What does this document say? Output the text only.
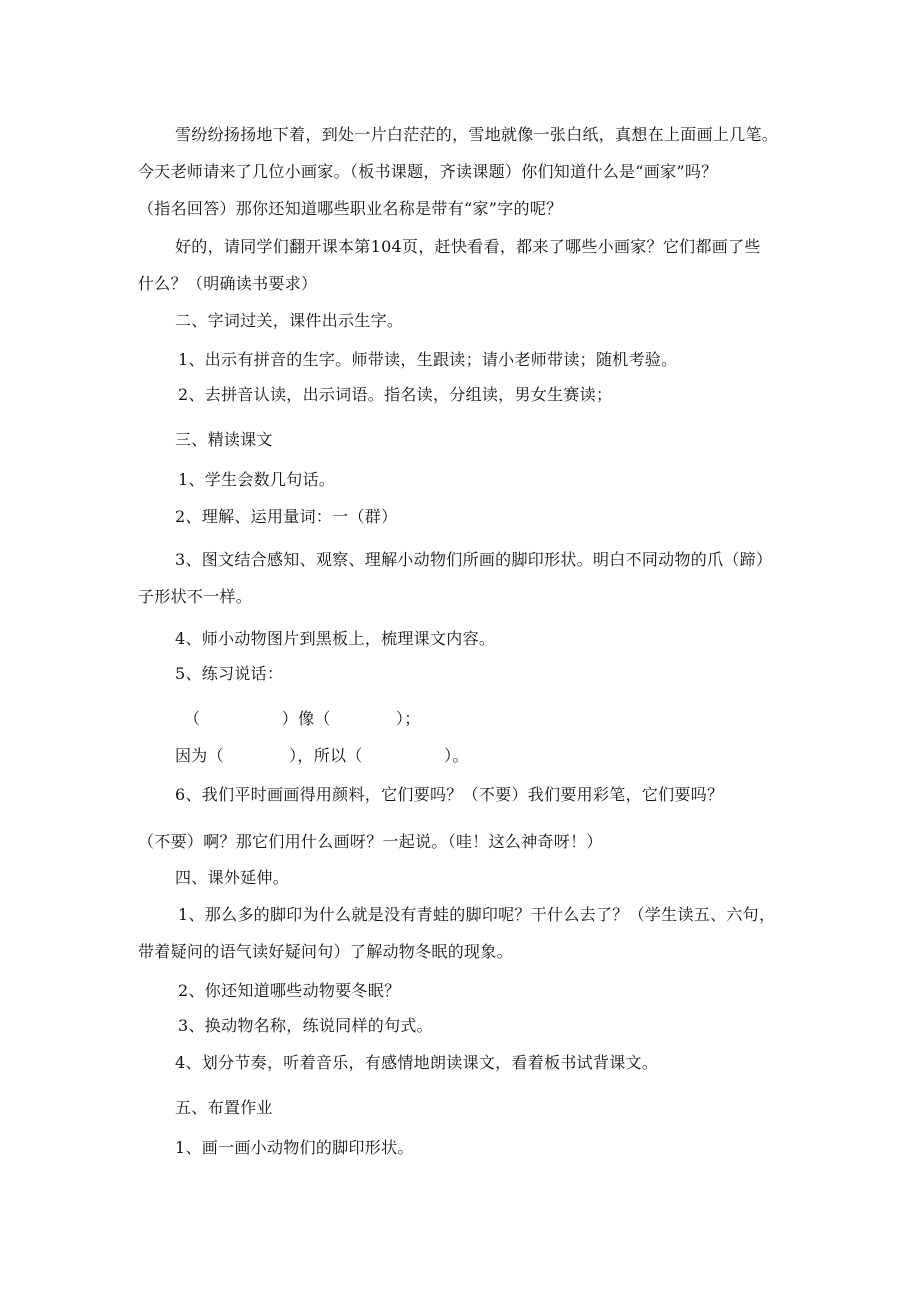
雪纷纷扬扬地下着，到处一片白茫茫的，雪地就像一张白纸，真想在上面画上几笔。
今天老师请来了几位小画家。（板书课题，齐读课题）你们知道什么是“画家”吗？
（指名回答）那你还知道哪些职业名称是带有“家”字的呢？
好的，请同学们翻开课本第104页，赶快看看，都来了哪些小画家？它们都画了些
什么？（明确读书要求）
二、字词过关，课件出示生字。
1、出示有拼音的生字。师带读，生跟读；请小老师带读；随机考验。
2、去拼音认读，出示词语。指名读，分组读，男女生赛读；
三、精读课文
1、学生会数几句话。
2、理解、运用量词：一（群）
3、图文结合感知、观察、理解小动物们所画的脚印形状。明白不同动物的爪（蹄）
子形状不一样。
4、师小动物图片到黑板上，梳理课文内容。
5、练习说话：
（　　　　　）像（　　　　）；
因为（　　　　），所以（　　　　　）。
6、我们平时画画得用颜料，它们要吗？（不要）我们要用彩笔，它们要吗？
（不要）啊？那它们用什么画呀？一起说。（哇！这么神奇呀！）
四、课外延伸。
1、那么多的脚印为什么就是没有青蛙的脚印呢？干什么去了？（学生读五、六句，
带着疑问的语气读好疑问句）了解动物冬眠的现象。
2、你还知道哪些动物要冬眠？
3、换动物名称，练说同样的句式。
4、划分节奏，听着音乐，有感情地朗读课文，看着板书试背课文。
五、布置作业
1、画一画小动物们的脚印形状。
